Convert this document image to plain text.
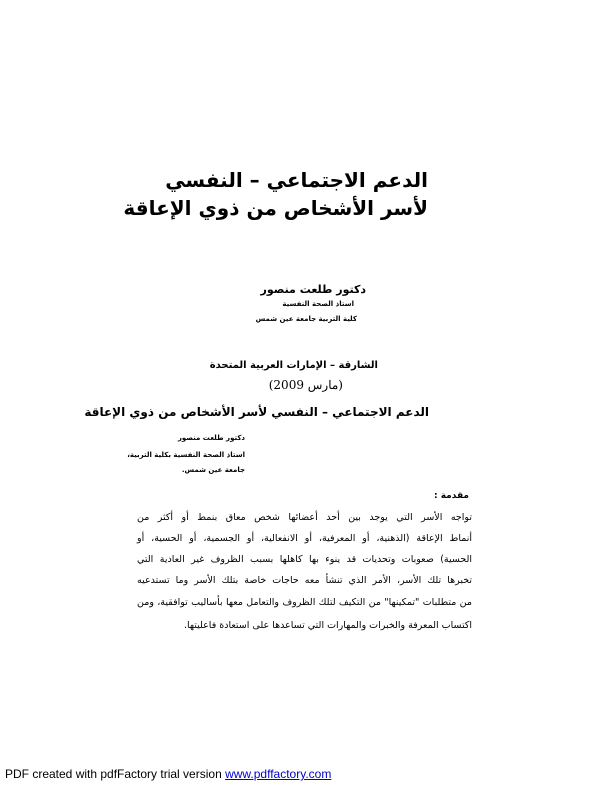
الدعم الاجتماعي – النفسي
لأسر الأشخاص من ذوي الإعاقة
دكتور طلعت منصور
استاذ الصحة النفسية
كلية التربية جامعة عين شمس
الشارقة – الإمارات العربية المتحدة
(مارس 2009)
الدعم الاجتماعي – النفسي لأسر الأشخاص من ذوي الإعاقة
دكتور طلعت منصور
استاذ الصحة النفسية بكلية التربية،
جامعة عين شمس.
مقدمة :
تواجه الأسر التي يوجد بين أحد أعضائها شخص معاق بنمط أو أكثر من
أنماط الإعاقة (الذهنية، أو المعرفية، أو الانفعالية، أو الجسمية، أو الحسية، أو
الحسية) صعوبات وتحديات قد ينوء بها كاهلها بسبب الظروف غير العادية التي
تخبرها تلك الأسر، الأمر الذي تنشأ معه حاجات خاصة بتلك الأسر وما تستدعيه
من متطلبات "تمكينها" من التكيف لتلك الظروف والتعامل معها بأساليب توافقية، ومن
اكتساب المعرفة والخبرات والمهارات التي تساعدها على استعادة فاعليتها.
PDF created with pdfFactory trial version www.pdffactory.com
